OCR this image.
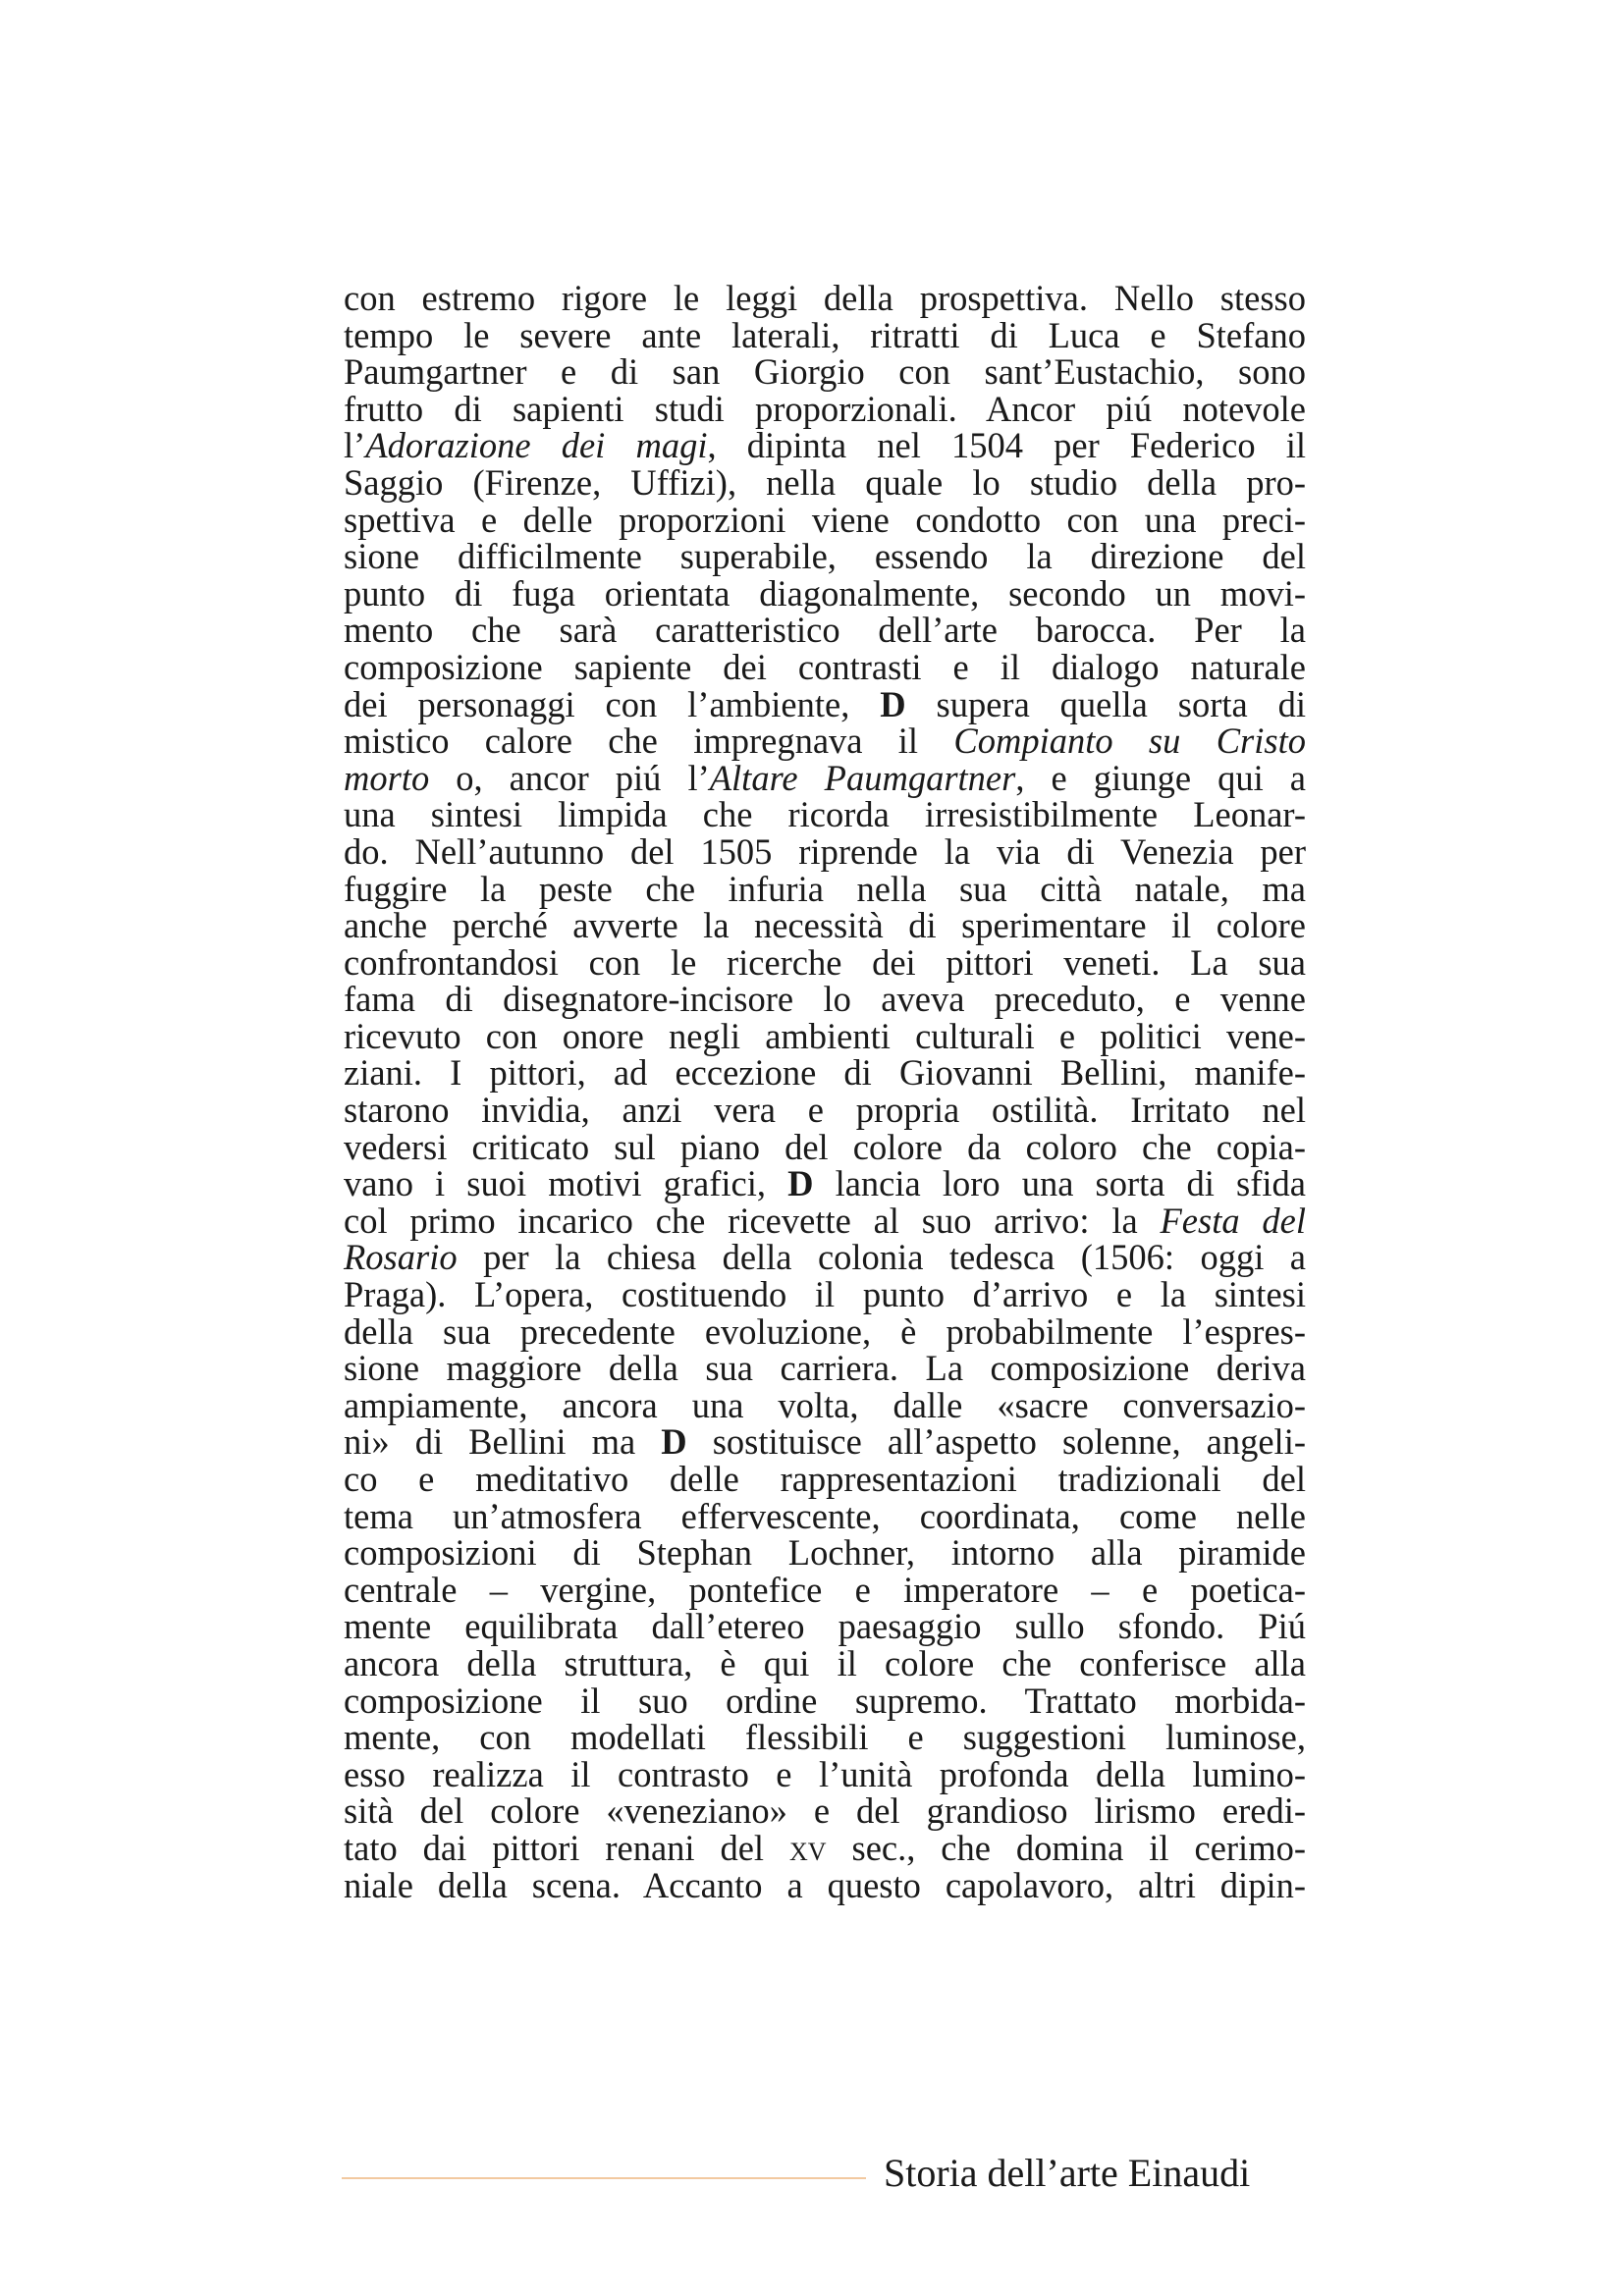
con estremo rigore le leggi della prospettiva. Nello stesso
tempo le severe ante laterali, ritratti di Luca e Stefano
Paumgartner e di san Giorgio con sant’Eustachio, sono
frutto di sapienti studi proporzionali. Ancor piú notevole
l’Adorazione dei magi, dipinta nel 1504 per Federico il
Saggio (Firenze, Uffizi), nella quale lo studio della pro-
spettiva e delle proporzioni viene condotto con una preci-
sione difficilmente superabile, essendo la direzione del
punto di fuga orientata diagonalmente, secondo un movi-
mento che sarà caratteristico dell’arte barocca. Per la
composizione sapiente dei contrasti e il dialogo naturale
dei personaggi con l’ambiente, D supera quella sorta di
mistico calore che impregnava il Compianto su Cristo
morto o, ancor piú l’Altare Paumgartner, e giunge qui a
una sintesi limpida che ricorda irresistibilmente Leonar-
do. Nell’autunno del 1505 riprende la via di Venezia per
fuggire la peste che infuria nella sua città natale, ma
anche perché avverte la necessità di sperimentare il colore
confrontandosi con le ricerche dei pittori veneti. La sua
fama di disegnatore-incisore lo aveva preceduto, e venne
ricevuto con onore negli ambienti culturali e politici vene-
ziani. I pittori, ad eccezione di Giovanni Bellini, manife-
starono invidia, anzi vera e propria ostilità. Irritato nel
vedersi criticato sul piano del colore da coloro che copia-
vano i suoi motivi grafici, D lancia loro una sorta di sfida
col primo incarico che ricevette al suo arrivo: la Festa del
Rosario per la chiesa della colonia tedesca (1506: oggi a
Praga). L’opera, costituendo il punto d’arrivo e la sintesi
della sua precedente evoluzione, è probabilmente l’espres-
sione maggiore della sua carriera. La composizione deriva
ampiamente, ancora una volta, dalle «sacre conversazio-
ni» di Bellini ma D sostituisce all’aspetto solenne, angeli-
co e meditativo delle rappresentazioni tradizionali del
tema un’atmosfera effervescente, coordinata, come nelle
composizioni di Stephan Lochner, intorno alla piramide
centrale – vergine, pontefice e imperatore – e poetica-
mente equilibrata dall’etereo paesaggio sullo sfondo. Piú
ancora della struttura, è qui il colore che conferisce alla
composizione il suo ordine supremo. Trattato morbida-
mente, con modellati flessibili e suggestioni luminose,
esso realizza il contrasto e l’unità profonda della lumino-
sità del colore «veneziano» e del grandioso lirismo eredi-
tato dai pittori renani del xv sec., che domina il cerimo-
niale della scena. Accanto a questo capolavoro, altri dipin-
Storia dell’arte Einaudi
